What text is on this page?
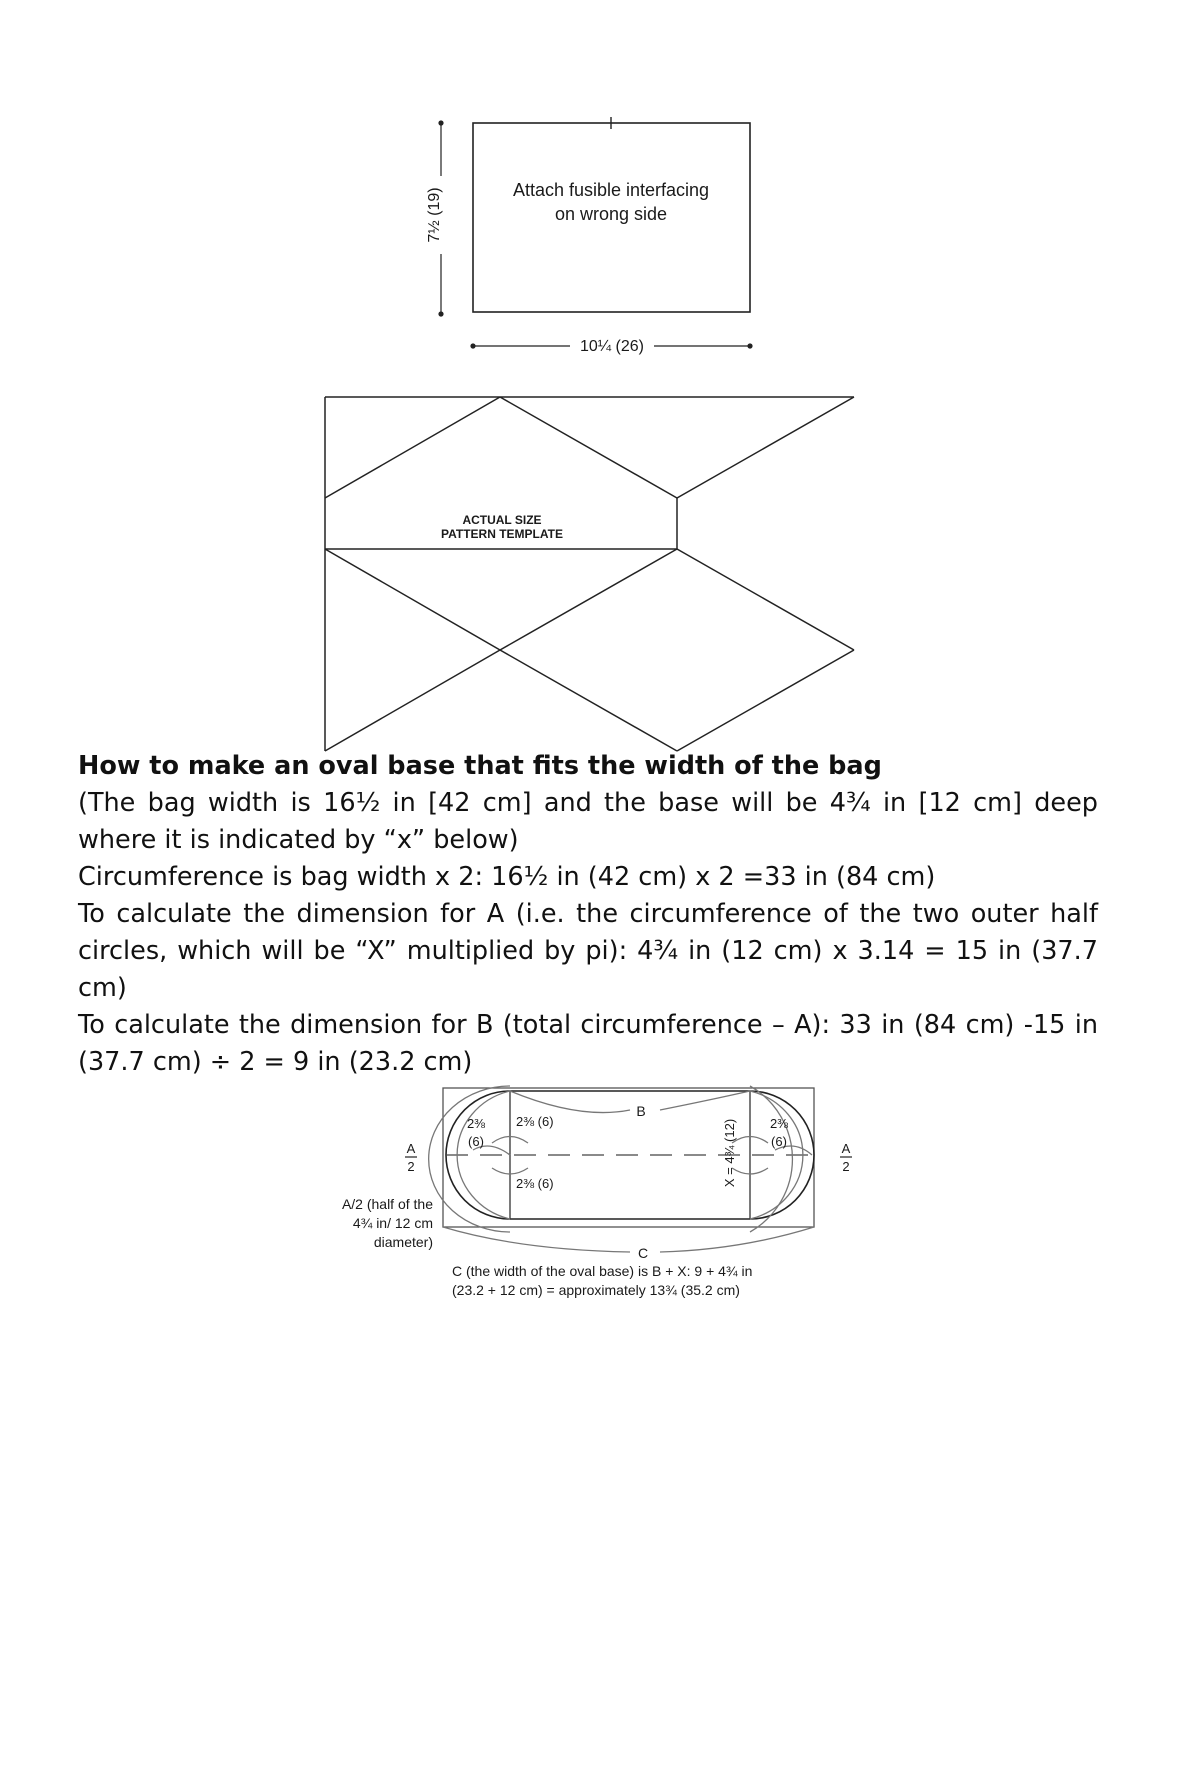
7½ (19)
10¼ (26)
Attach fusible interfacing
on wrong side
ACTUAL SIZE
PATTERN TEMPLATE
How to make an oval base that fits the width of the bag

(The bag width is 16½ in [42 cm] and the base will be 4¾ in [12 cm] deep where it is indicated by “x” below)

Circumference is bag width x 2: 16½ in (42 cm) x 2 =33 in (84 cm)

To calculate the dimension for A (i.e. the circumference of the two outer half circles, which will be “X” multiplied by pi): 4¾ in (12 cm) x 3.14 = 15 in (37.7 cm)

To calculate the dimension for B (total circumference – A): 33 in (84 cm) -15 in (37.7 cm) ÷ 2 = 9 in (23.2 cm)

B
C
2⅜
(6)
2⅜ (6)
2⅜ (6)	X = 4¾ (12)	2⅜
(6)
A
2
A
2
A/2 (half of the
4¾ in/ 12 cm
diameter)
C (the width of the oval base) is B + X: 9 + 4¾ in
(23.2 + 12 cm) = approximately 13¾ (35.2 cm)
